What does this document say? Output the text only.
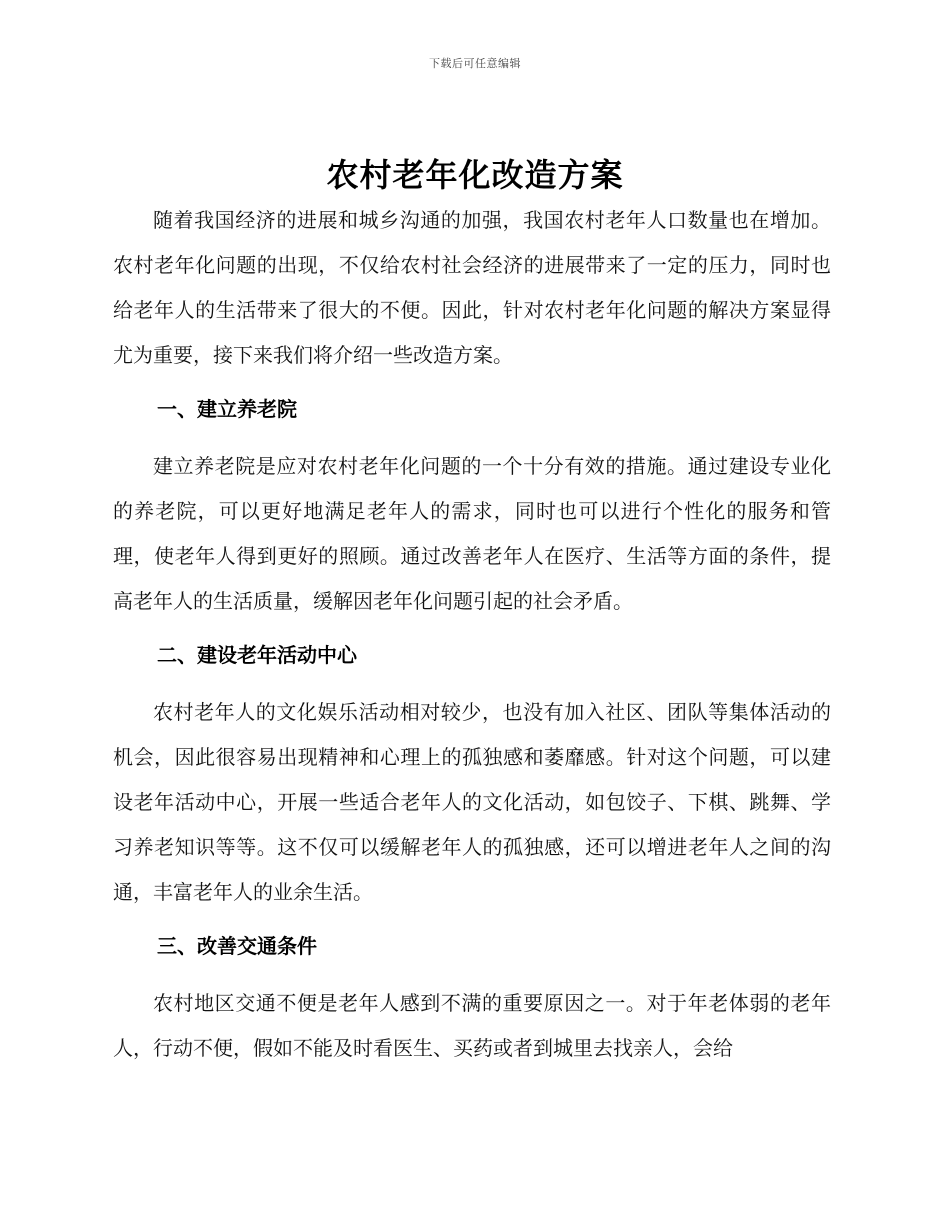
下载后可任意编辑
农村老年化改造方案

随着我国经济的进展和城乡沟通的加强，我国农村老年人口数量也在增加。农村老年化问题的出现，不仅给农村社会经济的进展带来了一定的压力，同时也给老年人的生活带来了很大的不便。因此，针对农村老年化问题的解决方案显得尤为重要，接下来我们将介绍一些改造方案。

一、建立养老院

建立养老院是应对农村老年化问题的一个十分有效的措施。通过建设专业化的养老院，可以更好地满足老年人的需求，同时也可以进行个性化的服务和管理，使老年人得到更好的照顾。通过改善老年人在医疗、生活等方面的条件，提高老年人的生活质量，缓解因老年化问题引起的社会矛盾。

二、建设老年活动中心

农村老年人的文化娱乐活动相对较少，也没有加入社区、团队等集体活动的机会，因此很容易出现精神和心理上的孤独感和萎靡感。针对这个问题，可以建设老年活动中心，开展一些适合老年人的文化活动，如包饺子、下棋、跳舞、学习养老知识等等。这不仅可以缓解老年人的孤独感，还可以增进老年人之间的沟通，丰富老年人的业余生活。

三、改善交通条件

农村地区交通不便是老年人感到不满的重要原因之一。对于年老体弱的老年人，行动不便，假如不能及时看医生、买药或者到城里去找亲人，会给
